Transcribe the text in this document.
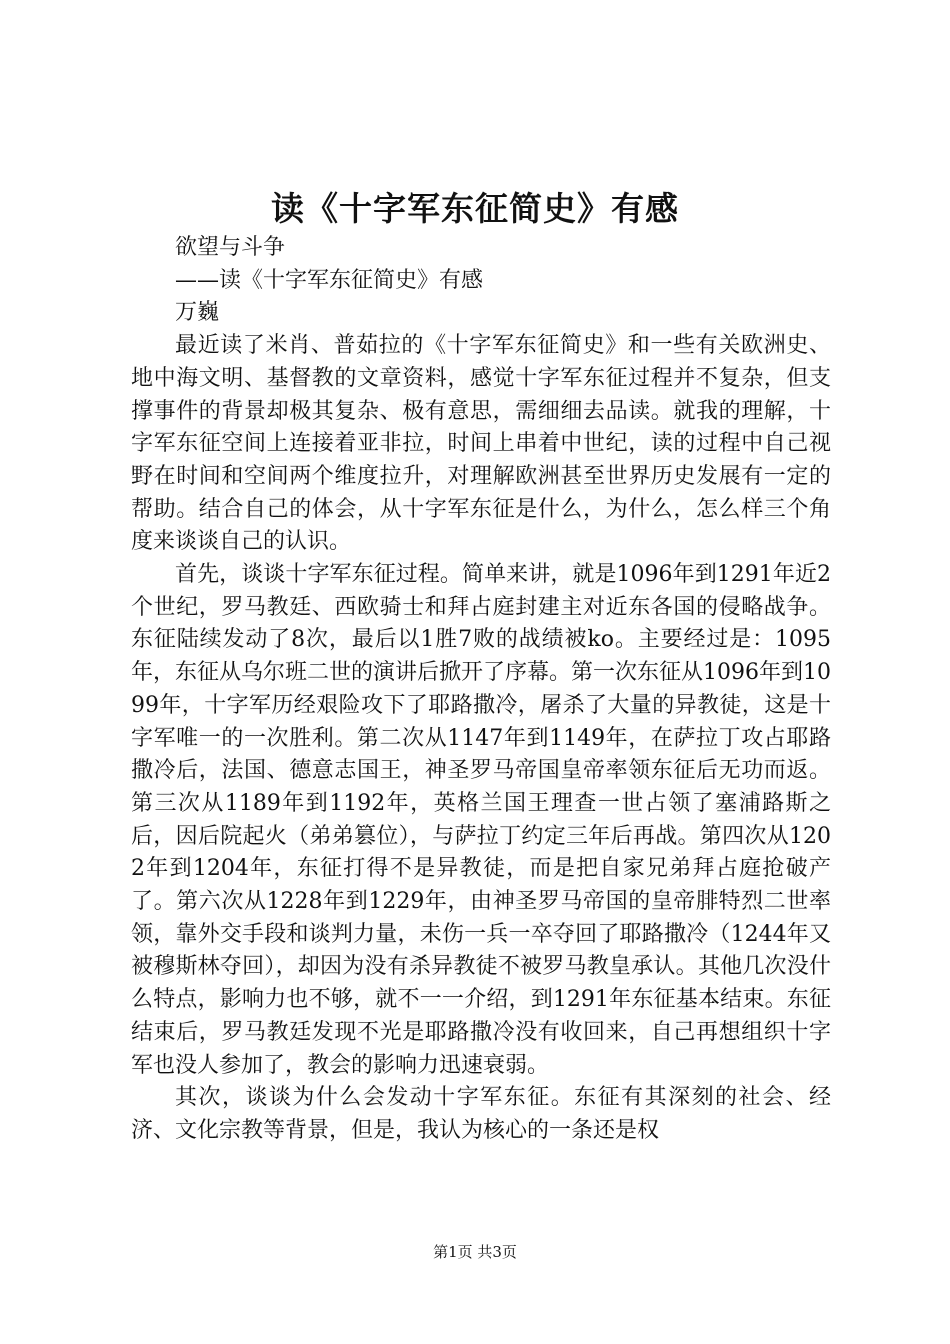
读《十字军东征简史》有感

欲望与斗争

——读《十字军东征简史》有感

万巍

最近读了米肖、普茹拉的《十字军东征简史》和一些有关欧洲史、地中海文明、基督教的文章资料，感觉十字军东征过程并不复杂，但支撑事件的背景却极其复杂、极有意思，需细细去品读。就我的理解，十字军东征空间上连接着亚非拉，时间上串着中世纪，读的过程中自己视野在时间和空间两个维度拉升，对理解欧洲甚至世界历史发展有一定的帮助。结合自己的体会，从十字军东征是什么，为什么，怎么样三个角度来谈谈自己的认识。

首先，谈谈十字军东征过程。简单来讲，就是1096年到1291年近2个世纪，罗马教廷、西欧骑士和拜占庭封建主对近东各国的侵略战争。东征陆续发动了8次，最后以1胜7败的战绩被ko。主要经过是：1095年，东征从乌尔班二世的演讲后掀开了序幕。第一次东征从1096年到1099年，十字军历经艰险攻下了耶路撒冷，屠杀了大量的异教徒，这是十字军唯一的一次胜利。第二次从1147年到1149年，在萨拉丁攻占耶路撒冷后，法国、德意志国王，神圣罗马帝国皇帝率领东征后无功而返。第三次从1189年到1192年，英格兰国王理查一世占领了塞浦路斯之后，因后院起火（弟弟篡位），与萨拉丁约定三年后再战。第四次从1202年到1204年，东征打得不是异教徒，而是把自家兄弟拜占庭抢破产了。第六次从1228年到1229年，由神圣罗马帝国的皇帝腓特烈二世率领，靠外交手段和谈判力量，未伤一兵一卒夺回了耶路撒冷（1244年又被穆斯林夺回），却因为没有杀异教徒不被罗马教皇承认。其他几次没什么特点，影响力也不够，就不一一介绍，到1291年东征基本结束。东征结束后，罗马教廷发现不光是耶路撒冷没有收回来，自己再想组织十字军也没人参加了，教会的影响力迅速衰弱。

其次，谈谈为什么会发动十字军东征。东征有其深刻的社会、经济、文化宗教等背景，但是，我认为核心的一条还是权

第1页 共3页
